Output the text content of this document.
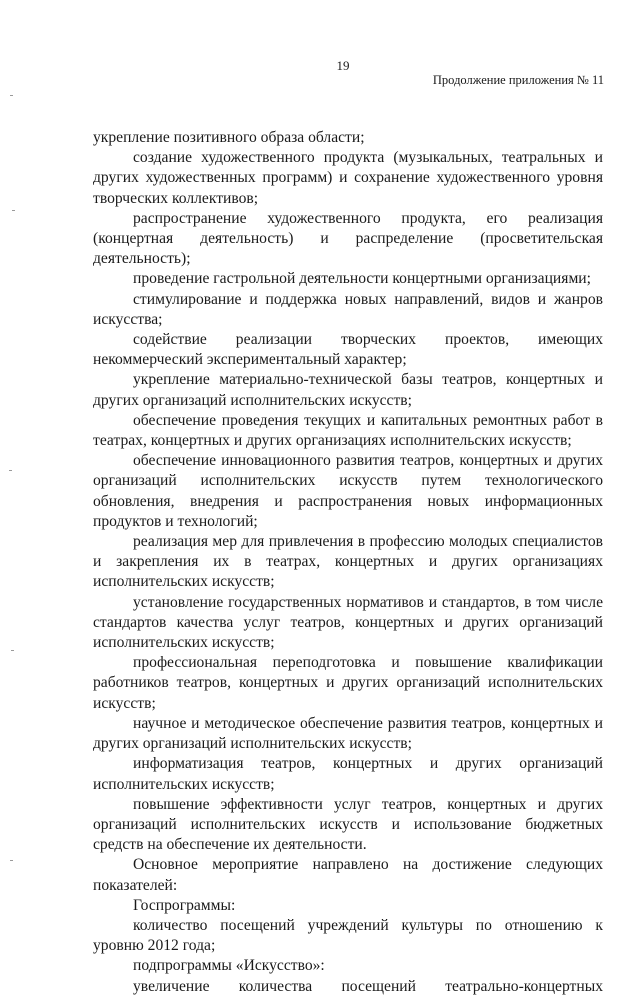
19
Продолжение приложения № 11

укрепление позитивного образа области;

создание художественного продукта (музыкальных, театральных и других художественных программ) и сохранение художественного уровня творческих коллективов;

распространение художественного продукта, его реализация (концертная деятельность) и распределение (просветительская деятельность);

проведение гастрольной деятельности концертными организациями;

стимулирование и поддержка новых направлений, видов и жанров искусства;

содействие реализации творческих проектов, имеющих некоммерческий экспериментальный характер;

укрепление материально-технической базы театров, концертных и других организаций исполнительских искусств;

обеспечение проведения текущих и капитальных ремонтных работ в театрах, концертных и других организациях исполнительских искусств;

обеспечение инновационного развития театров, концертных и других организаций исполнительских искусств путем технологического обновления, внедрения и распространения новых информационных продуктов и технологий;

реализация мер для привлечения в профессию молодых специалистов и закрепления их в театрах, концертных и других организациях исполнительских искусств;

установление государственных нормативов и стандартов, в том числе стандартов качества услуг театров, концертных и других организаций исполнительских искусств;

профессиональная переподготовка и повышение квалификации работников театров, концертных и других организаций исполнительских искусств;

научное и методическое обеспечение развития театров, концертных и других организаций исполнительских искусств;

информатизация театров, концертных и других организаций исполнительских искусств;

повышение эффективности услуг театров, концертных и других организаций исполнительских искусств и использование бюджетных средств на обеспечение их деятельности.

Основное мероприятие направлено на достижение следующих показателей:

Госпрограммы:

количество посещений учреждений культуры по отношению к уровню 2012 года;

подпрограммы «Искусство»:

увеличение количества посещений театрально-концертных
